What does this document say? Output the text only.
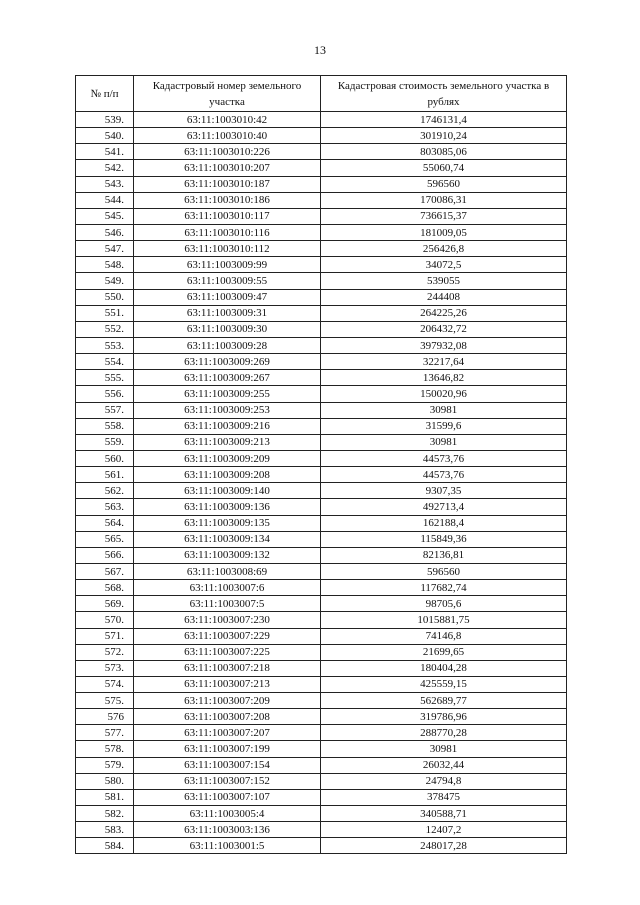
13
№ п/п	Кадастровый номер земельного участка	Кадастровая стоимость земельного участка в рублях
539.	63:11:1003010:42	1746131,4
540.	63:11:1003010:40	301910,24
541.	63:11:1003010:226	803085,06
542.	63:11:1003010:207	55060,74
543.	63:11:1003010:187	596560
544.	63:11:1003010:186	170086,31
545.	63:11:1003010:117	736615,37
546.	63:11:1003010:116	181009,05
547.	63:11:1003010:112	256426,8
548.	63:11:1003009:99	34072,5
549.	63:11:1003009:55	539055
550.	63:11:1003009:47	244408
551.	63:11:1003009:31	264225,26
552.	63:11:1003009:30	206432,72
553.	63:11:1003009:28	397932,08
554.	63:11:1003009:269	32217,64
555.	63:11:1003009:267	13646,82
556.	63:11:1003009:255	150020,96
557.	63:11:1003009:253	30981
558.	63:11:1003009:216	31599,6
559.	63:11:1003009:213	30981
560.	63:11:1003009:209	44573,76
561.	63:11:1003009:208	44573,76
562.	63:11:1003009:140	9307,35
563.	63:11:1003009:136	492713,4
564.	63:11:1003009:135	162188,4
565.	63:11:1003009:134	115849,36
566.	63:11:1003009:132	82136,81
567.	63:11:1003008:69	596560
568.	63:11:1003007:6	117682,74
569.	63:11:1003007:5	98705,6
570.	63:11:1003007:230	1015881,75
571.	63:11:1003007:229	74146,8
572.	63:11:1003007:225	21699,65
573.	63:11:1003007:218	180404,28
574.	63:11:1003007:213	425559,15
575.	63:11:1003007:209	562689,77
576	63:11:1003007:208	319786,96
577.	63:11:1003007:207	288770,28
578.	63:11:1003007:199	30981
579.	63:11:1003007:154	26032,44
580.	63:11:1003007:152	24794,8
581.	63:11:1003007:107	378475
582.	63:11:1003005:4	340588,71
583.	63:11:1003003:136	12407,2
584.	63:11:1003001:5	248017,28
